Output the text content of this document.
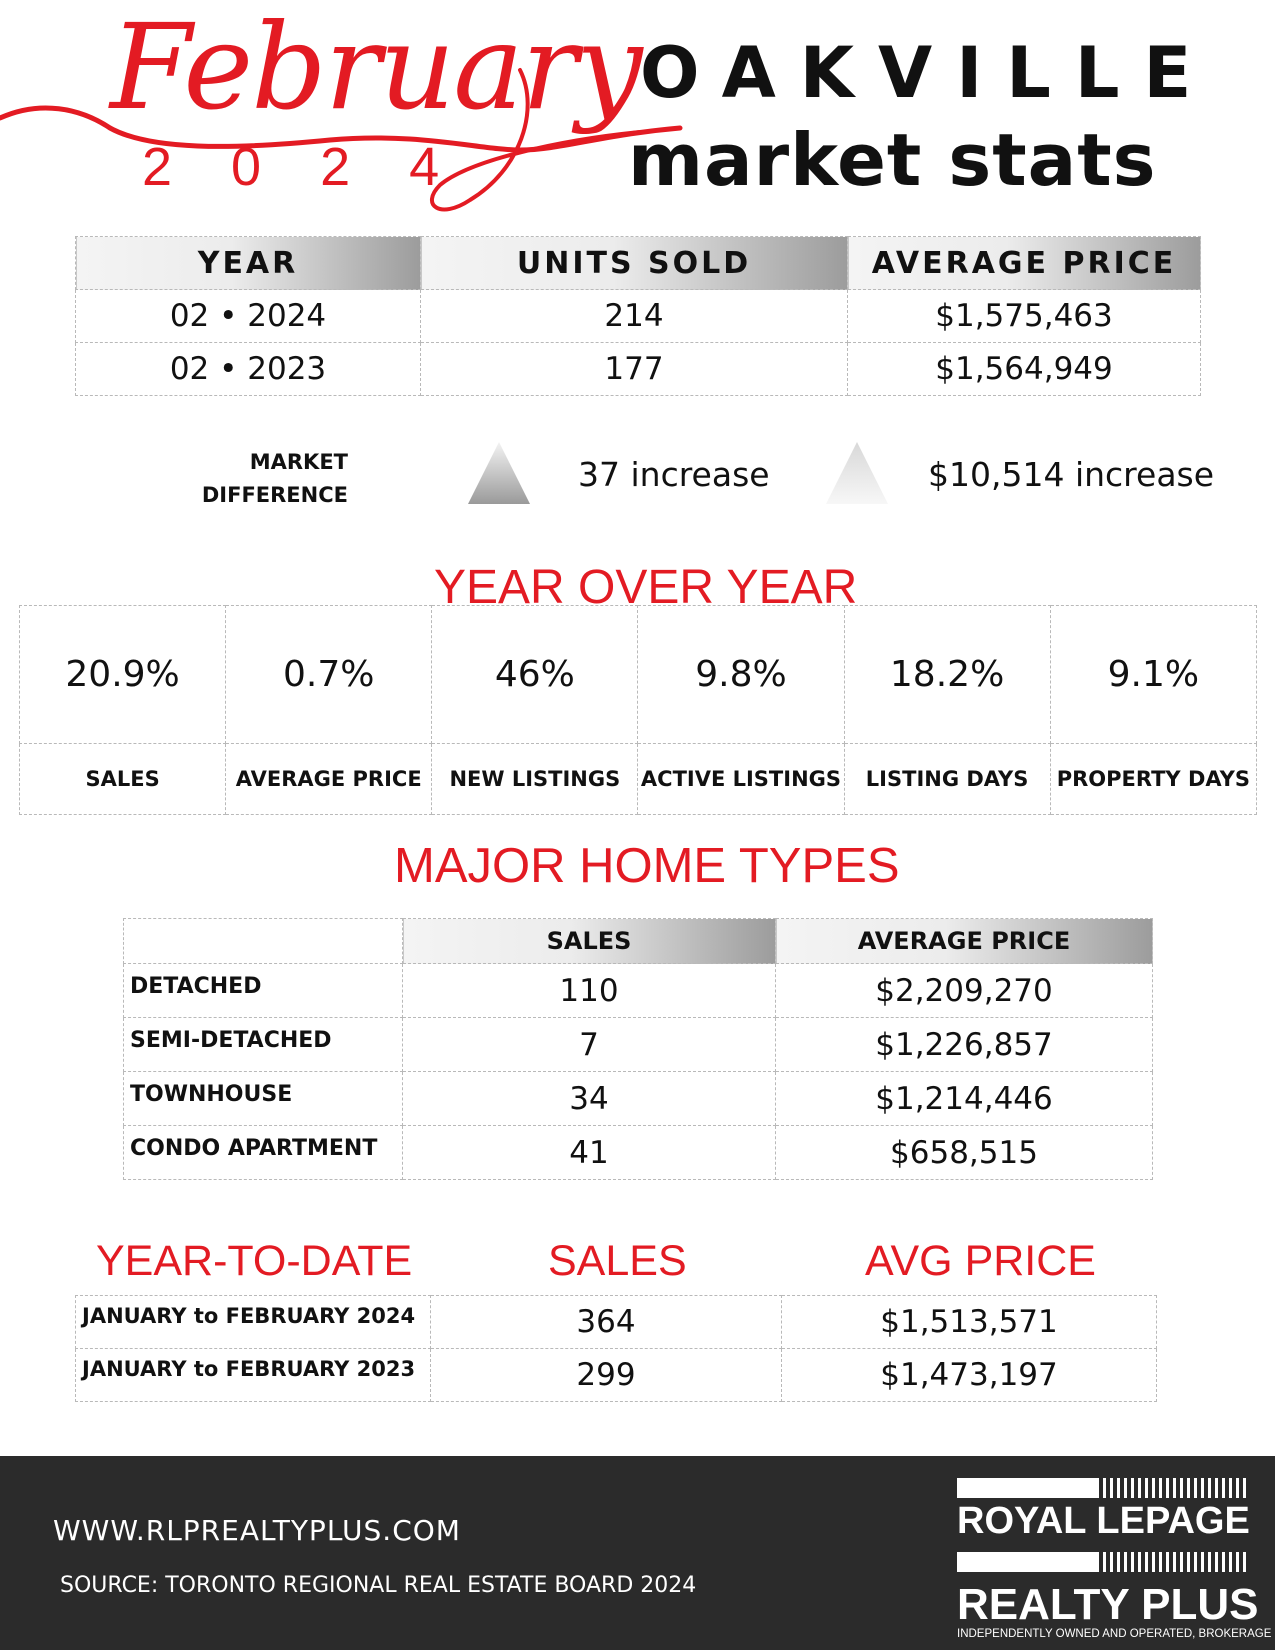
February
2 0 2 4
OAKVILLE
market stats
YEAR	UNITS SOLD	AVERAGE PRICE
02 • 2024	214	$1,575,463
02 • 2023	177	$1,564,949
MARKET
DIFFERENCE
37 increase	$10,514 increase
YEAR OVER YEAR
20.9%	0.7%	46%	9.8%	18.2%	9.1%
SALES	AVERAGE PRICE	NEW LISTINGS	ACTIVE LISTINGS	LISTING DAYS	PROPERTY DAYS
MAJOR HOME TYPES
	SALES	AVERAGE PRICE
DETACHED	110	$2,209,270
SEMI-DETACHED	7	$1,226,857
TOWNHOUSE	34	$1,214,446
CONDO APARTMENT	41	$658,515
YEAR-TO-DATE	SALES	AVG PRICE
JANUARY to FEBRUARY 2024	364	$1,513,571
JANUARY to FEBRUARY 2023	299	$1,473,197
WWW.RLPREALTYPLUS.COM
SOURCE: TORONTO REGIONAL REAL ESTATE BOARD 2024
ROYAL LEPAGE
REALTY PLUS
INDEPENDENTLY OWNED AND OPERATED, BROKERAGE
